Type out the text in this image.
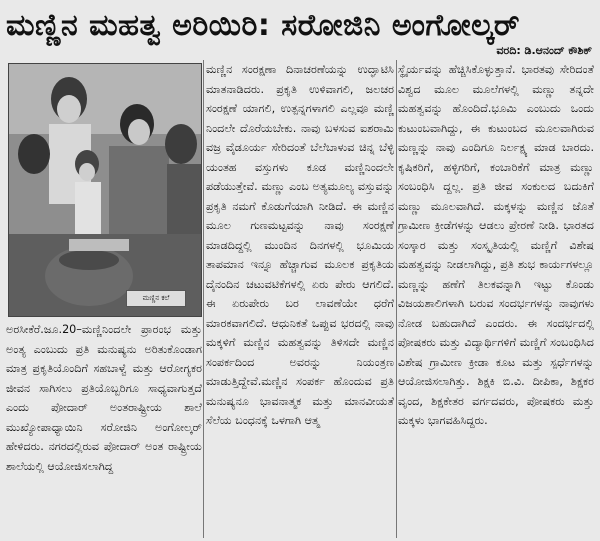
ಮಣ್ಣಿನ ಮಹತ್ವ ಅರಿಯಿರಿ: ಸರೋಜಿನಿ ಅಂಗೋಲ್ಕರ್
ವರದಿ: ಡಿ.ಆನಂದ್ ಕೌಶಿಕ್
ಮಣ್ಣಿನ ಕಲೆ

ಅರಸೀಕೆರೆ.ಜೂ.20–ಮಣ್ಣಿನಿಂದಲೇ ಪ್ರಾರಂಭ ಮತ್ತು ಅಂತ್ಯ ಎಂಬುದು ಪ್ರತಿ ಮನುಷ್ಯನು ಅರಿತುಕೊಂಡಾಗ ಮಾತ್ರ ಪ್ರಕೃತಿಯೊಂದಿಗೆ ಸಹಬಾಳ್ವೆ ಮತ್ತು ಆರೋಗ್ಯಕರ ಜೀವನ ಸಾಗಿಸಲು ಪ್ರತಿಯೊಬ್ಬರಿಗೂ ಸಾಧ್ಯವಾಗುತ್ತದೆ ಎಂದು ಪೋದಾರ್ ಅಂತರಾಷ್ಟ್ರೀಯ ಶಾಲೆ ಮುಖ್ಯೋಪಾಧ್ಯಾಯಿನಿ ಸರೋಜಿನಿ ಅಂಗೋಲ್ಕರ್ ಹೇಳಿದರು. ನಗರದಲ್ಲಿರುವ ಪೋದಾರ್ ಅಂತ ರಾಷ್ಟ್ರೀಯ ಶಾಲೆಯಲ್ಲಿ ಆಯೋಜಿಸಲಾಗಿದ್ದ

ಮಣ್ಣಿನ ಸಂರಕ್ಷಣಾ ದಿನಾಚರಣೆಯನ್ನು ಉದ್ಘಾಟಿಸಿ ಮಾತನಾಡಿದರು. ಪ್ರಕೃತಿ ಉಳಿವಾಗಲಿ, ಜಲಚರ ಸಂರಕ್ಷಣೆ ಯಾಗಲಿ, ಉತ್ಪನ್ನಗಳಾಗಲಿ ಎಲ್ಲವೂ ಮಣ್ಣಿ ನಿಂದಲೇ ದೊರೆಯಬೇಕು. ನಾವು ಬಳಸುವ ಐಶರಾಮಿ ವಜ್ರ ವೈಡೂರ್ಯ ಸೇರಿದಂತೆ ಬೆಲೆಬಾಳುವ ಚಿನ್ನ ಬೆಳ್ಳಿ ಯಂತಹ ವಸ್ತುಗಳು ಕೂಡ ಮಣ್ಣಿನಿಂದಲೇ ಪಡೆಯುತ್ತೇವೆ. ಮಣ್ಣು ಎಂಬ ಅತ್ಯಮೂಲ್ಯ ವಸ್ತುವನ್ನು ಪ್ರಕೃತಿ ನಮಗೆ ಕೊಡುಗೆಯಾಗಿ ನೀಡಿದೆ. ಈ ಮಣ್ಣಿನ ಮೂಲ ಗುಣಮಟ್ಟವನ್ನು ನಾವು ಸಂರಕ್ಷಣೆ ಮಾಡದಿದ್ದಲ್ಲಿ ಮುಂದಿನ ದಿನಗಳಲ್ಲಿ ಭೂಮಿಯ ತಾಪಮಾನ ಇನ್ನೂ ಹೆಚ್ಚಾಗುವ ಮೂಲಕ ಪ್ರಕೃತಿಯ ದೈನಂದಿನ ಚಟುವಟಿಕೆಗಳಲ್ಲಿ ಏರು ಪೇರು ಆಗಲಿದೆ. ಈ ಏರುಪೇರು ಬರ ಲಾವಣೆಯೇ ಧರೆಗೆ ಮಾರಕವಾಗಲಿದೆ. ಆಧುನಿಕತೆ ಒಪ್ಪುವ ಭರದಲ್ಲಿ ನಾವು ಮಕ್ಕಳಿಗೆ ಮಣ್ಣಿನ ಮಹತ್ವವನ್ನು ತಿಳಿಸದೇ ಮಣ್ಣಿನ ಸಂಪರ್ಕದಿಂದ ಅವರನ್ನು ನಿಯಂತ್ರಣ ಮಾಡುತ್ತಿದ್ದೇವೆ.ಮಣ್ಣಿನ ಸಂಪರ್ಕ ಹೊಂದುವ ಪ್ರತಿ ಮನುಷ್ಯನೂ ಭಾವನಾತ್ಮಕ ಮತ್ತು ಮಾನವೀಯತೆ ಸೆಲೆಯ ಬಂಧನಕ್ಕೆ ಒಳಗಾಗಿ ಆತ್ಮ

ಸ್ಥೈರ್ಯವನ್ನು ಹೆಚ್ಚಿಸಿಕೊಳ್ಳುತ್ತಾನೆ. ಭಾರತವು ಸೇರಿದಂತೆ ವಿಶ್ವದ ಮೂಲ ಮೂಲೆಗಳಲ್ಲಿ ಮಣ್ಣು ತನ್ನದೇ ಮಹತ್ವವನ್ನು ಹೊಂದಿದೆ.ಭೂಮಿ ಎಂಬುದು ಒಂದು ಕುಟುಂಬವಾಗಿದ್ದು, ಈ ಕುಟುಂಬದ ಮೂಲವಾಗಿರುವ ಮಣ್ಣನ್ನು ನಾವು ಎಂದಿಗೂ ನಿರ್ಲಕ್ಷ್ಯ ಮಾಡ ಬಾರದು. ಕೃಷಿಕರಿಗೆ, ಹಳ್ಳಿಗರಿಗೆ, ಕಂಬಾರಿಕೆಗೆ ಮಾತ್ರ ಮಣ್ಣು ಸಂಬಂಧಿಸಿ ದ್ದಲ್ಲ. ಪ್ರತಿ ಜೀವ ಸಂಕುಲದ ಬದುಕಿಗೆ ಮಣ್ಣು ಮೂಲವಾಗಿದೆ. ಮಕ್ಕಳನ್ನು ಮಣ್ಣಿನ ಜೊತೆ ಗ್ರಾಮೀಣ ಕ್ರೀಡೆಗಳನ್ನು ಆಡಲು ಪ್ರೇರಣೆ ನೀಡಿ. ಭಾರತದ ಸಂಸ್ಕಾರ ಮತ್ತು ಸಂಸ್ಕೃತಿಯಲ್ಲಿ ಮಣ್ಣಿಗೆ ವಿಶೇಷ ಮಹತ್ವವನ್ನು ನೀಡಲಾಗಿದ್ದು, ಪ್ರತಿ ಶುಭ ಕಾರ್ಯಗಳಲ್ಲೂ ಮಣ್ಣನ್ನು ಹಣೆಗೆ ತಿಲಕವನ್ನಾಗಿ ಇಟ್ಟು ಕೊಂಡು ವಿಜಯಶಾಲಿಗಳಾಗಿ ಬರುವ ಸಂದರ್ಭಗಳನ್ನು ನಾವುಗಳು ನೋಡ ಬಹುದಾಗಿದೆ ಎಂದರು. ಈ ಸಂದರ್ಭದಲ್ಲಿ ಪೋಷಕರು ಮತ್ತು ವಿದ್ಯಾರ್ಥಿಗಳಿಗೆ ಮಣ್ಣಿಗೆ ಸಂಬಂಧಿಸಿದ ವಿಶೇಷ ಗ್ರಾಮೀಣ ಕ್ರೀಡಾ ಕೂಟ ಮತ್ತು ಸ್ಪರ್ಧೆಗಳನ್ನು ಆಯೋಜಿಸಲಾಗಿತ್ತು. ಶಿಕ್ಷಕಿ ಬಿ.ವಿ. ದೀಪಿಕಾ, ಶಿಕ್ಷಕರ ವೃಂದ, ಶಿಕ್ಷಕೇತರ ವರ್ಗದವರು, ಪೋಷಕರು ಮತ್ತು ಮಕ್ಕಳು ಭಾಗವಹಿಸಿದ್ದರು.
